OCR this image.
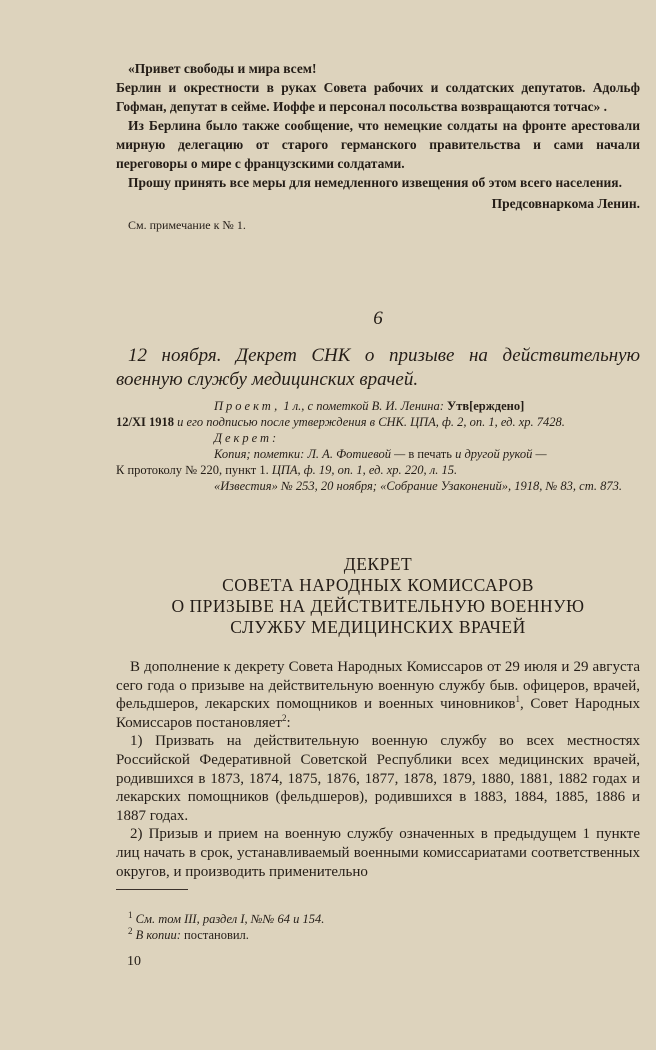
«Привет свободы и мира всем!

Берлин и окрестности в руках Совета рабочих и солдатских депутатов. Адольф Гофман, депутат в сейме. Иоффе и персонал посольства возвращаются тотчас» .

Из Берлина было также сообщение, что немецкие солдаты на фронте арестовали мирную делегацию от старого германского правительства и сами начали переговоры о мире с французскими солдатами.

Прошу принять все меры для немедленного извещения об этом всего населения.

Предсовнаркома Ленин.

См. примечание к № 1.

6

12 ноября. Декрет СНК о призыве на действительную военную службу медицинских врачей.

Проект, 1 л., с пометкой В. И. Ленина: Утв[ерждено]

12/XI 1918 и его подписью после утверждения в СНК. ЦПА, ф. 2, оп. 1, ед. хр. 7428.

Декрет:

Копия; пометки: Л. А. Фотиевой — в печать и другой рукой —

К протоколу № 220, пункт 1. ЦПА, ф. 19, оп. 1, ед. хр. 220, л. 15.

«Известия» № 253, 20 ноября; «Собрание Узаконений», 1918, № 83, ст. 873.

ДЕКРЕТ

СОВЕТА НАРОДНЫХ КОМИССАРОВ

О ПРИЗЫВЕ НА ДЕЙСТВИТЕЛЬНУЮ ВОЕННУЮ

СЛУЖБУ МЕДИЦИНСКИХ ВРАЧЕЙ

В дополнение к декрету Совета Народных Комиссаров от 29 июля и 29 августа сего года о призыве на действительную военную службу быв. офицеров, врачей, фельдшеров, лекарских помощников и военных чиновников$^1$, Совет Народных Комиссаров постановляет$^2$:

1) Призвать на действительную военную службу во всех местностях Российской Федеративной Советской Республики всех медицинских врачей, родившихся в 1873, 1874, 1875, 1876, 1877, 1878, 1879, 1880, 1881, 1882 годах и лекарских помощников (фельдшеров), родившихся в 1883, 1884, 1885, 1886 и 1887 годах.

2) Призыв и прием на военную службу означенных в предыдущем 1 пункте лиц начать в срок, устанавливаемый военными комиссариатами соответственных округов, и производить применительно

$^1$ См. том III, раздел I, №№ 64 и 154.

$^2$ В копии: постановил.

10
